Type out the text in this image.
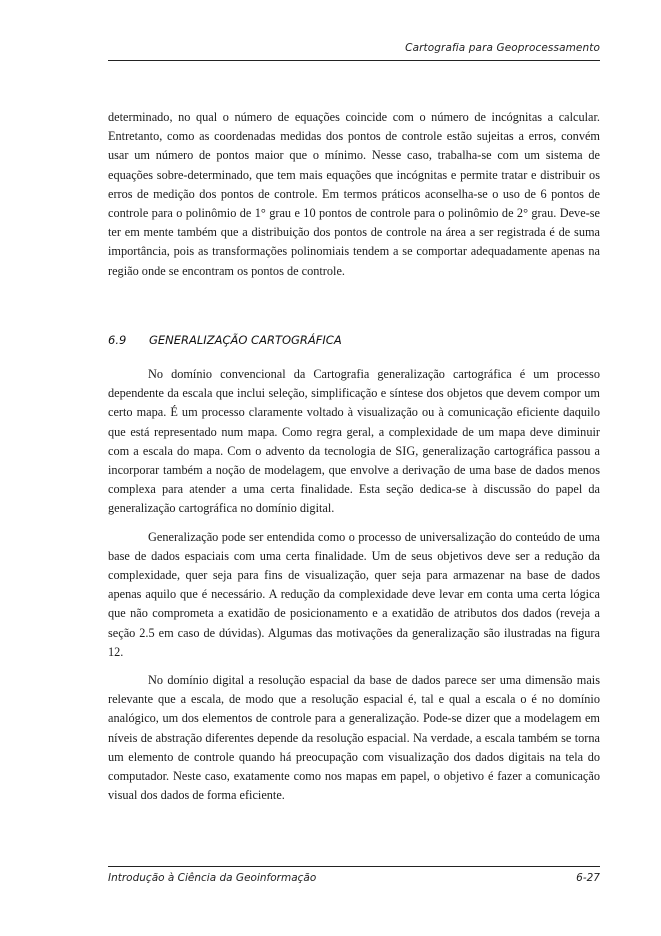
Cartografia para Geoprocessamento

determinado, no qual o número de equações coincide com o número de incógnitas a calcular. Entretanto, como as coordenadas medidas dos pontos de controle estão sujeitas a erros, convém usar um número de pontos maior que o mínimo. Nesse caso, trabalha-se com um sistema de equações sobre-determinado, que tem mais equações que incógnitas e permite tratar e distribuir os erros de medição dos pontos de controle. Em termos práticos aconselha-se o uso de 6 pontos de controle para o polinômio de 1° grau e 10 pontos de controle para o polinômio de 2° grau. Deve-se ter em mente também que a distribuição dos pontos de controle na área a ser registrada é de suma importância, pois as transformações polinomiais tendem a se comportar adequadamente apenas na região onde se encontram os pontos de controle.

6.9 GENERALIZAÇÃO CARTOGRÁFICA

No domínio convencional da Cartografia generalização cartográfica é um processo dependente da escala que inclui seleção, simplificação e síntese dos objetos que devem compor um certo mapa. É um processo claramente voltado à visualização ou à comunicação eficiente daquilo que está representado num mapa. Como regra geral, a complexidade de um mapa deve diminuir com a escala do mapa. Com o advento da tecnologia de SIG, generalização cartográfica passou a incorporar também a noção de modelagem, que envolve a derivação de uma base de dados menos complexa para atender a uma certa finalidade. Esta seção dedica-se à discussão do papel da generalização cartográfica no domínio digital.

Generalização pode ser entendida como o processo de universalização do conteúdo de uma base de dados espaciais com uma certa finalidade. Um de seus objetivos deve ser a redução da complexidade, quer seja para fins de visualização, quer seja para armazenar na base de dados apenas aquilo que é necessário. A redução da complexidade deve levar em conta uma certa lógica que não comprometa a exatidão de posicionamento e a exatidão de atributos dos dados (reveja a seção 2.5 em caso de dúvidas). Algumas das motivações da generalização são ilustradas na figura 12.

No domínio digital a resolução espacial da base de dados parece ser uma dimensão mais relevante que a escala, de modo que a resolução espacial é, tal e qual a escala o é no domínio analógico, um dos elementos de controle para a generalização. Pode-se dizer que a modelagem em níveis de abstração diferentes depende da resolução espacial. Na verdade, a escala também se torna um elemento de controle quando há preocupação com visualização dos dados digitais na tela do computador. Neste caso, exatamente como nos mapas em papel, o objetivo é fazer a comunicação visual dos dados de forma eficiente.

Introdução à Ciência da Geoinformação	6-27
